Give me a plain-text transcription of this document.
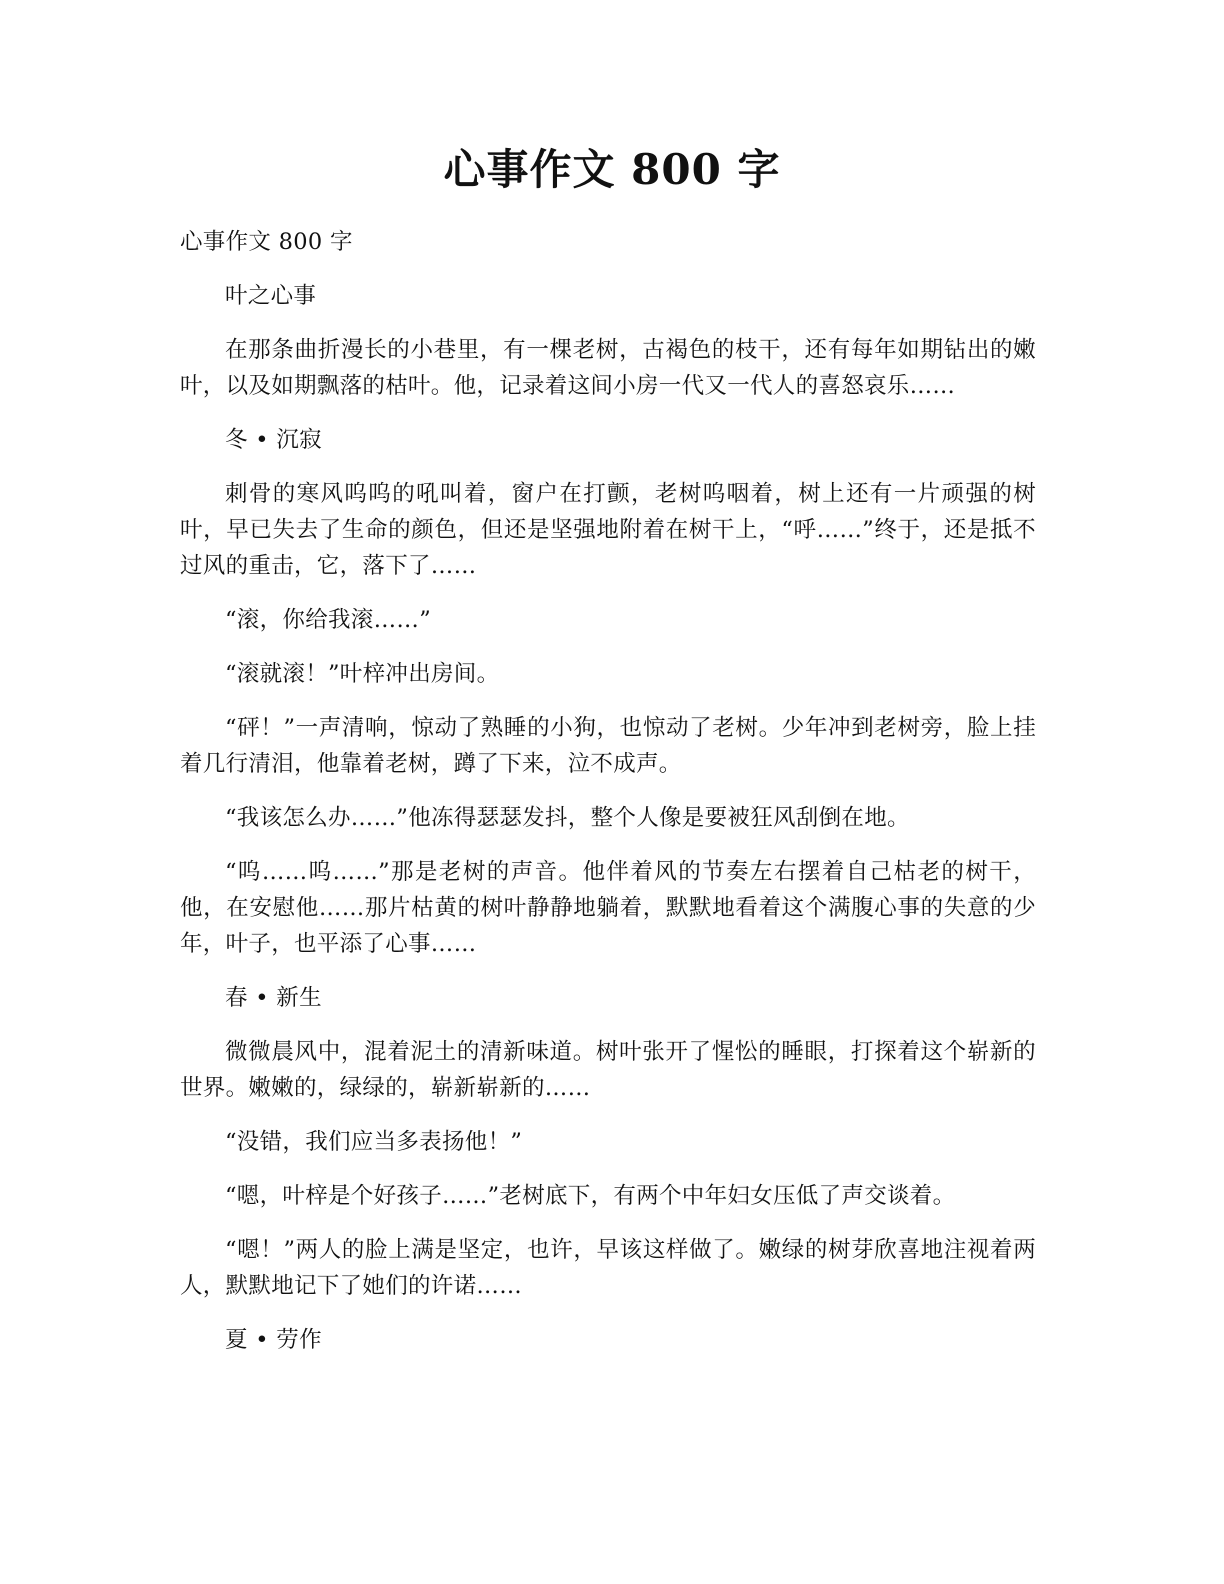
心事作文 800 字

心事作文 800 字

叶之心事

在那条曲折漫长的小巷里，有一棵老树，古褐色的枝干，还有每年如期钻出的嫩叶，以及如期飘落的枯叶。他，记录着这间小房一代又一代人的喜怒哀乐……

冬 • 沉寂

刺骨的寒风呜呜的吼叫着，窗户在打颤，老树呜咽着，树上还有一片顽强的树叶，早已失去了生命的颜色，但还是坚强地附着在树干上，“呼……”终于，还是抵不过风的重击，它，落下了……

“滚，你给我滚……”

“滚就滚！”叶梓冲出房间。

“砰！”一声清响，惊动了熟睡的小狗，也惊动了老树。少年冲到老树旁，脸上挂着几行清泪，他靠着老树，蹲了下来，泣不成声。

“我该怎么办……”他冻得瑟瑟发抖，整个人像是要被狂风刮倒在地。

“呜……呜……”那是老树的声音。他伴着风的节奏左右摆着自己枯老的树干，他，在安慰他……那片枯黄的树叶静静地躺着，默默地看着这个满腹心事的失意的少年，叶子，也平添了心事……

春 • 新生

微微晨风中，混着泥土的清新味道。树叶张开了惺忪的睡眼，打探着这个崭新的世界。嫩嫩的，绿绿的，崭新崭新的……

“没错，我们应当多表扬他！”

“嗯，叶梓是个好孩子……”老树底下，有两个中年妇女压低了声交谈着。

“嗯！”两人的脸上满是坚定，也许，早该这样做了。嫩绿的树芽欣喜地注视着两人，默默地记下了她们的许诺……

夏 • 劳作
